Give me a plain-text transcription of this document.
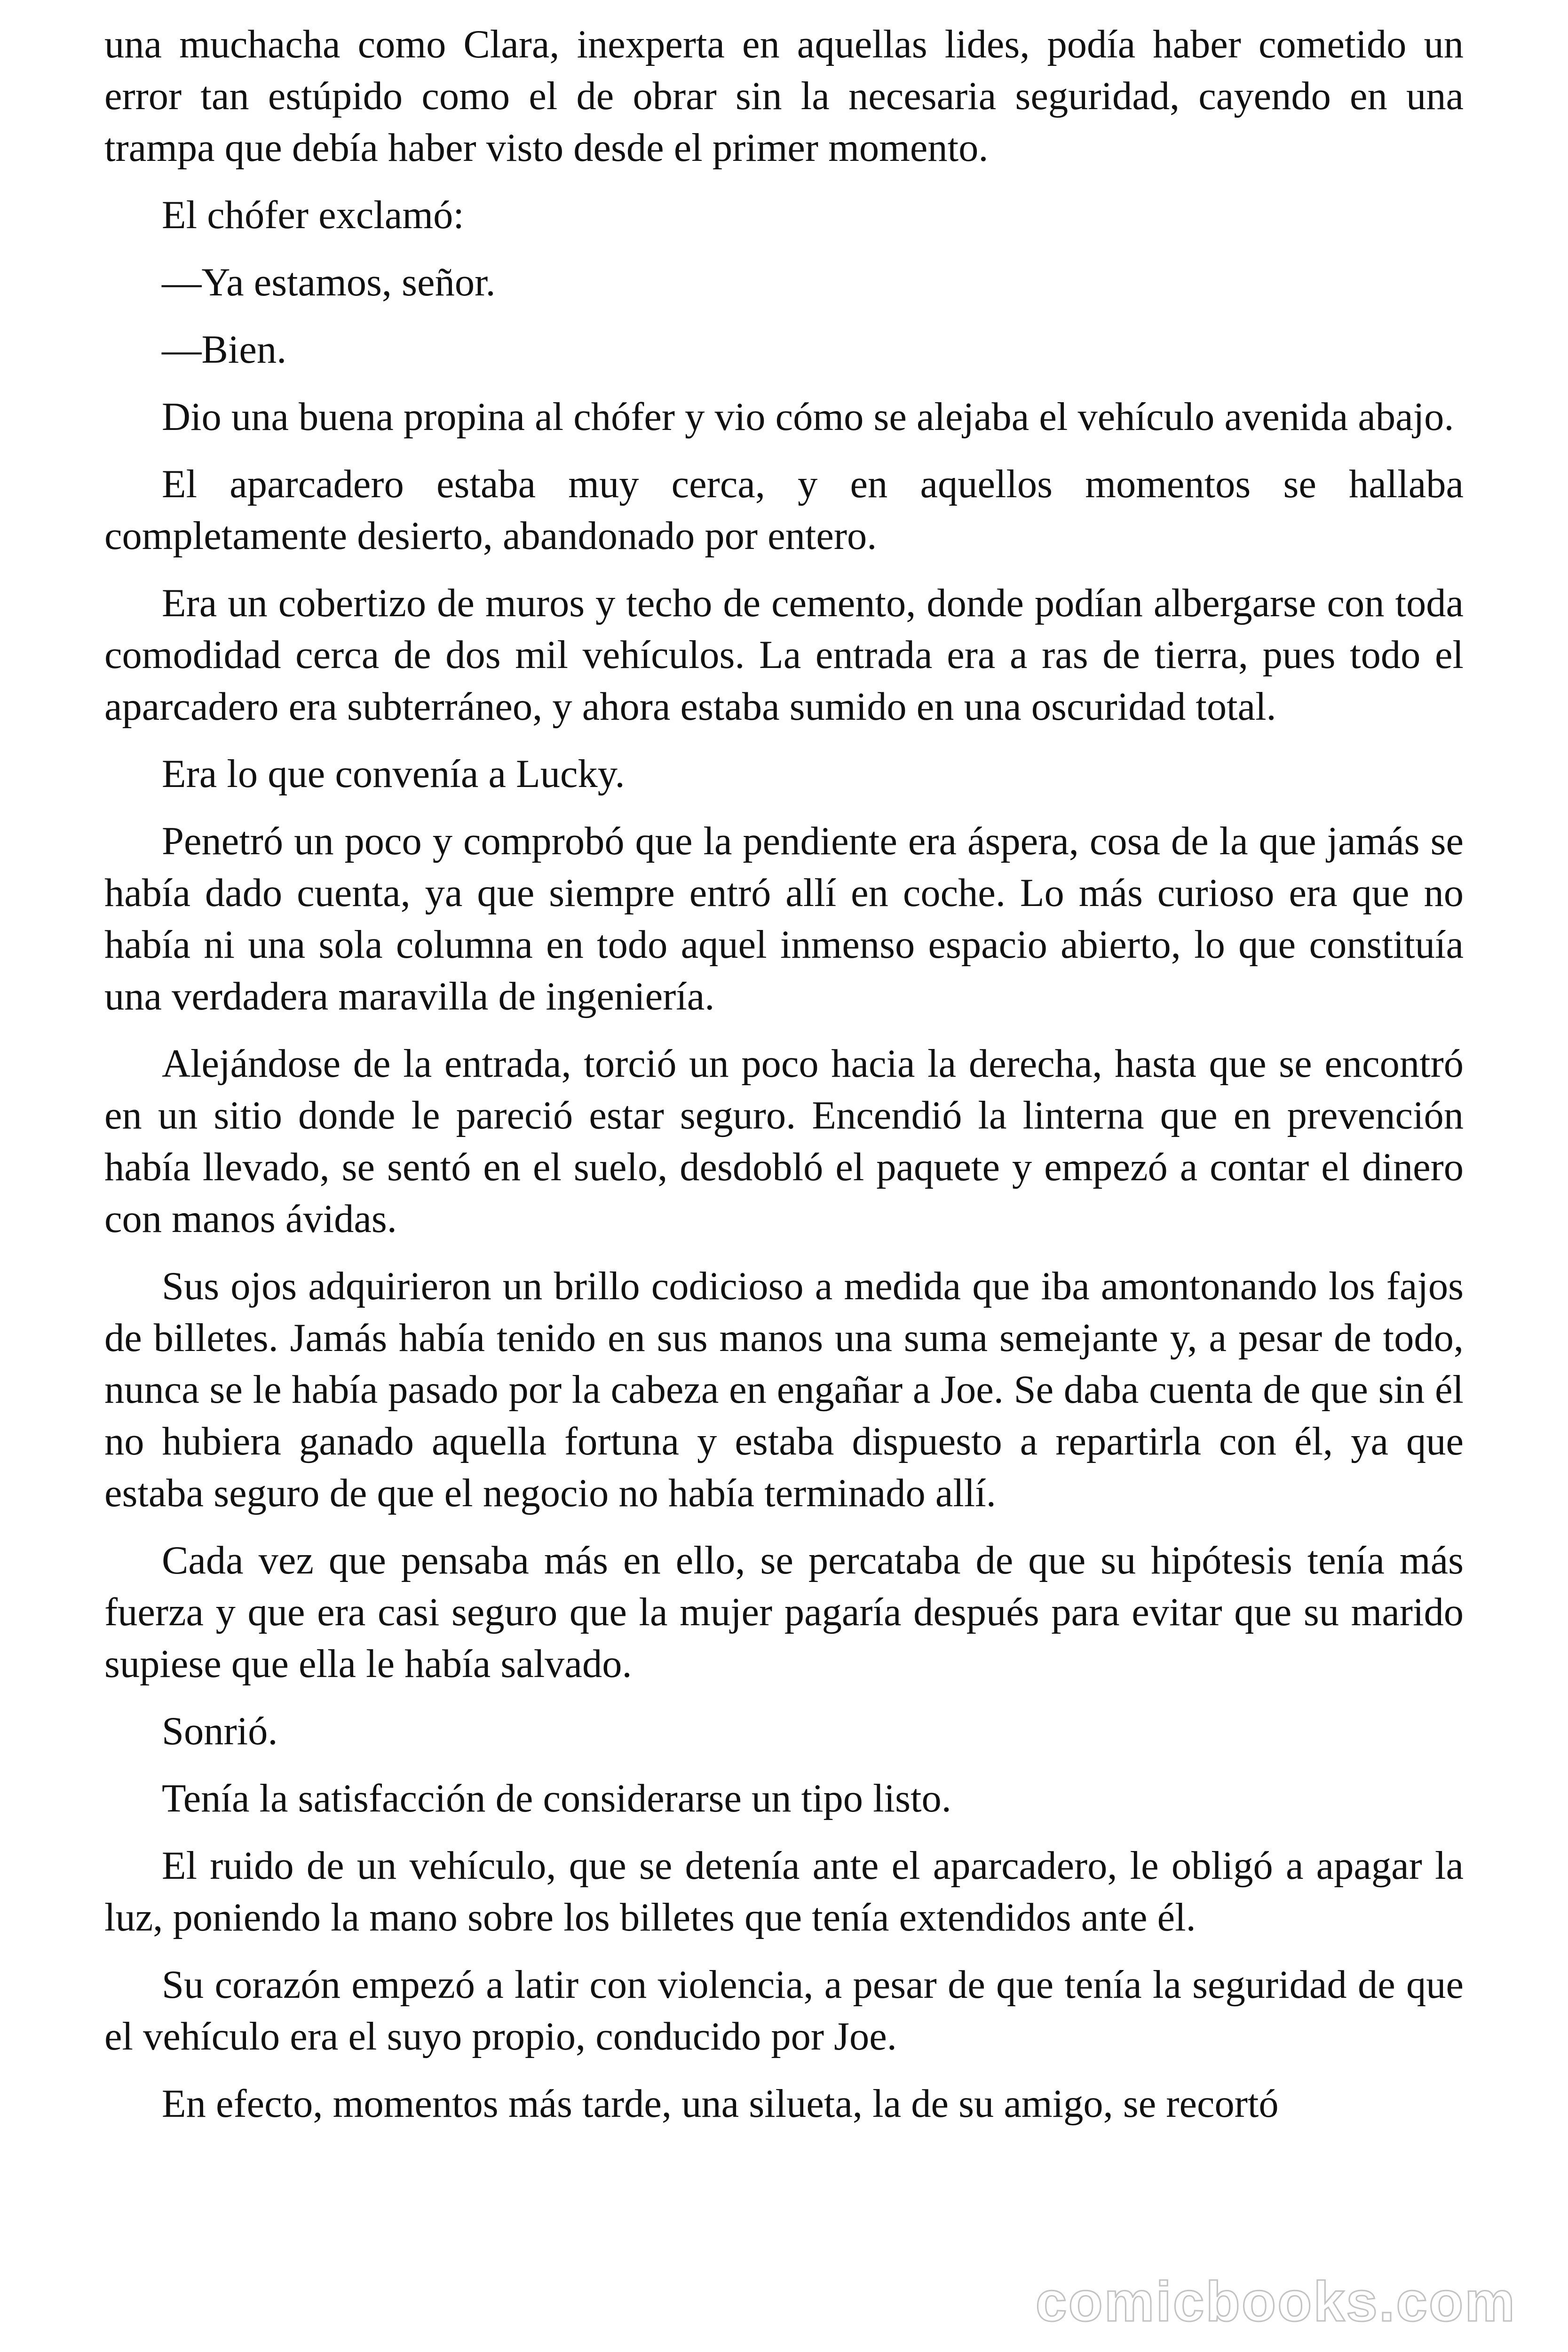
una muchacha como Clara, inexperta en aquellas lides, podía haber cometido un error tan estúpido como el de obrar sin la necesaria seguridad, cayendo en una trampa que debía haber visto desde el primer momento.

El chófer exclamó:

—Ya estamos, señor.

—Bien.

Dio una buena propina al chófer y vio cómo se alejaba el vehículo avenida abajo.

El aparcadero estaba muy cerca, y en aquellos momentos se hallaba completamente desierto, abandonado por entero.

Era un cobertizo de muros y techo de cemento, donde podían albergarse con toda comodidad cerca de dos mil vehículos. La entrada era a ras de tierra, pues todo el aparcadero era subterráneo, y ahora estaba sumido en una oscuridad total.

Era lo que convenía a Lucky.

Penetró un poco y comprobó que la pendiente era áspera, cosa de la que jamás se había dado cuenta, ya que siempre entró allí en coche. Lo más curioso era que no había ni una sola columna en todo aquel inmenso espacio abierto, lo que constituía una verdadera maravilla de ingeniería.

Alejándose de la entrada, torció un poco hacia la derecha, hasta que se encontró en un sitio donde le pareció estar seguro. Encendió la linterna que en prevención había llevado, se sentó en el suelo, desdobló el paquete y empezó a contar el dinero con manos ávidas.

Sus ojos adquirieron un brillo codicioso a medida que iba amontonando los fajos de billetes. Jamás había tenido en sus manos una suma semejante y, a pesar de todo, nunca se le había pasado por la cabeza en engañar a Joe. Se daba cuenta de que sin él no hubiera ganado aquella fortuna y estaba dispuesto a repartirla con él, ya que estaba seguro de que el negocio no había terminado allí.

Cada vez que pensaba más en ello, se percataba de que su hipótesis tenía más fuerza y que era casi seguro que la mujer pagaría después para evitar que su marido supiese que ella le había salvado.

Sonrió.

Tenía la satisfacción de considerarse un tipo listo.

El ruido de un vehículo, que se detenía ante el aparcadero, le obligó a apagar la luz, poniendo la mano sobre los billetes que tenía extendidos ante él.

Su corazón empezó a latir con violencia, a pesar de que tenía la seguridad de que el vehículo era el suyo propio, conducido por Joe.

En efecto, momentos más tarde, una silueta, la de su amigo, se recortó

comicbooks.com
